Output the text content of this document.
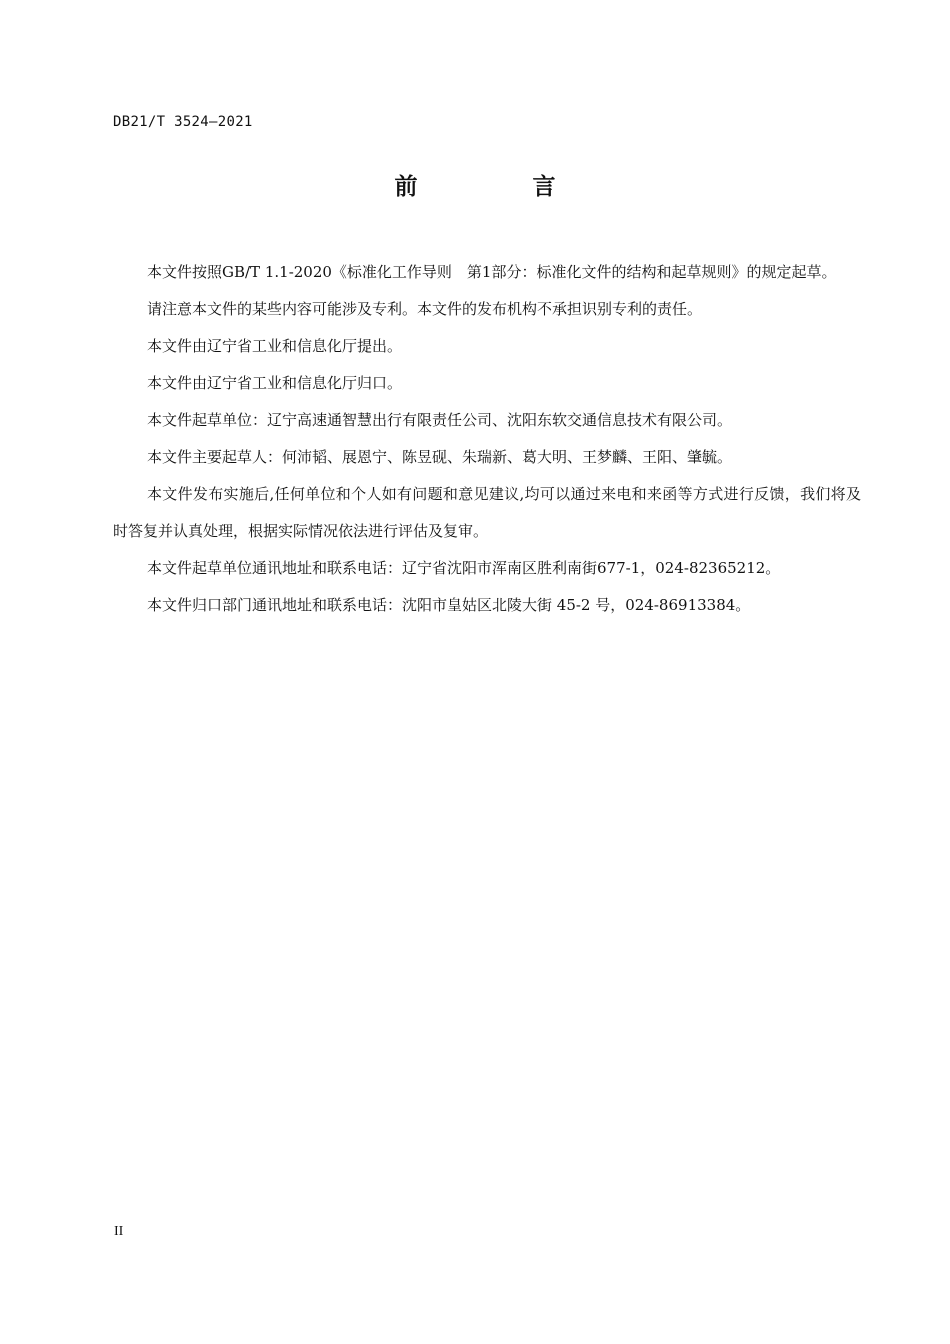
DB21/T 3524—2021
前　言

本文件按照GB/T 1.1-2020《标准化工作导则　第1部分：标准化文件的结构和起草规则》的规定起草。

请注意本文件的某些内容可能涉及专利。本文件的发布机构不承担识别专利的责任。

本文件由辽宁省工业和信息化厅提出。

本文件由辽宁省工业和信息化厅归口。

本文件起草单位：辽宁高速通智慧出行有限责任公司、沈阳东软交通信息技术有限公司。

本文件主要起草人：何沛韬、展恩宁、陈昱砚、朱瑞新、葛大明、王梦麟、王阳、肇毓。

本文件发布实施后,任何单位和个人如有问题和意见建议,均可以通过来电和来函等方式进行反馈，我们将及时答复并认真处理，根据实际情况依法进行评估及复审。

本文件起草单位通讯地址和联系电话：辽宁省沈阳市浑南区胜利南街677-1，024-82365212。

本文件归口部门通讯地址和联系电话：沈阳市皇姑区北陵大街 45-2 号，024-86913384。

II
